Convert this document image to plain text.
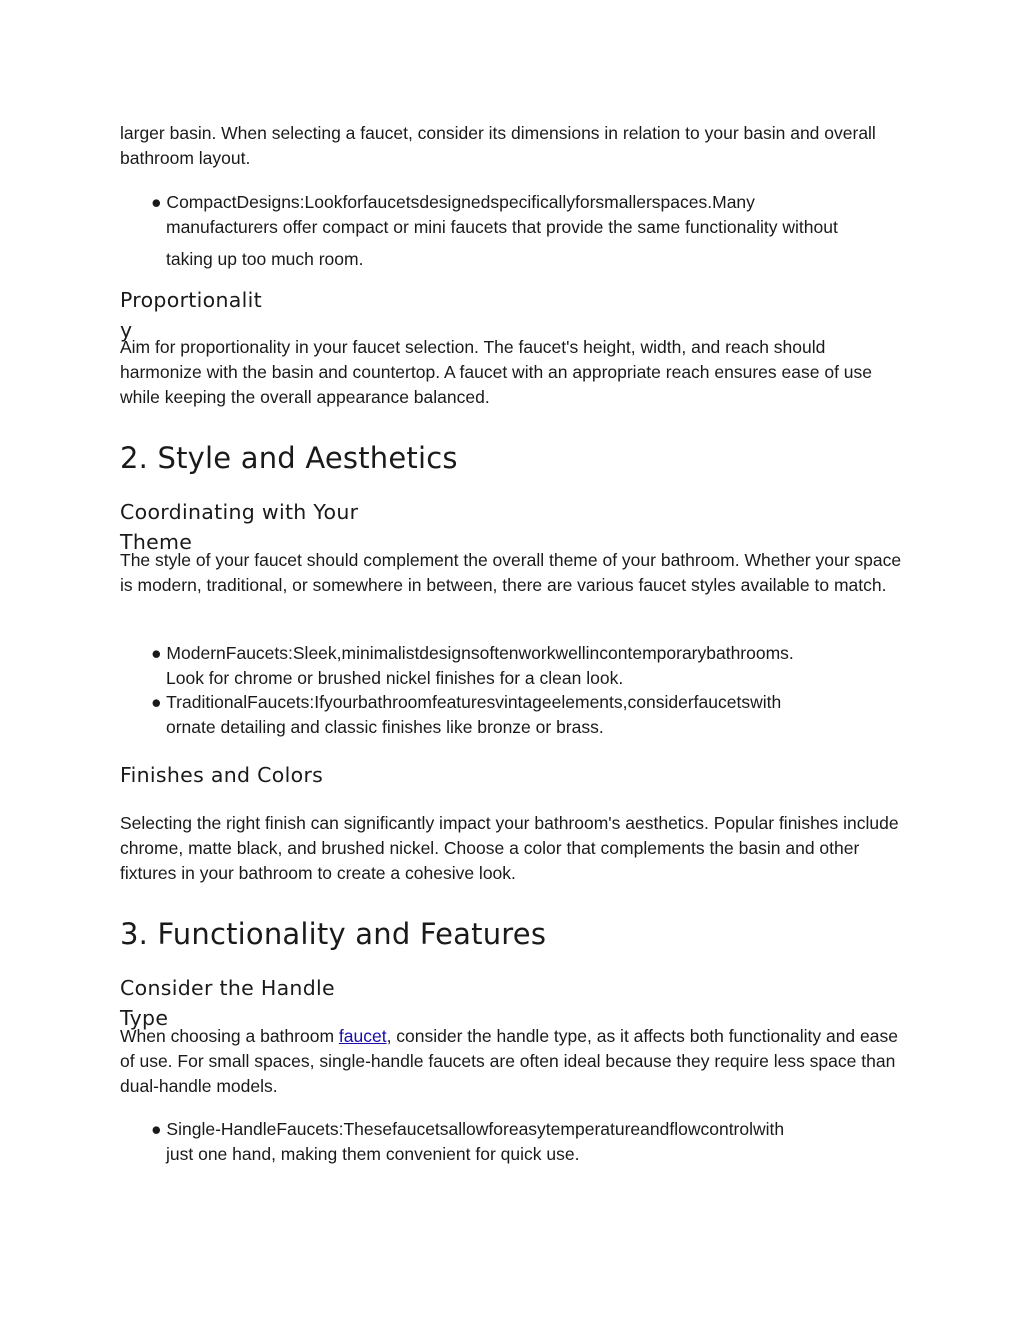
larger basin. When selecting a faucet, consider its dimensions in relation to your basin and overall bathroom layout.

● CompactDesigns:Lookforfaucetsdesignedspecificallyforsmallerspaces.Many
manufacturers offer compact or mini faucets that provide the same functionality without
taking up too much room.
Proportionality

Aim for proportionality in your faucet selection. The faucet's height, width, and reach should harmonize with the basin and countertop. A faucet with an appropriate reach ensures ease of use while keeping the overall appearance balanced.

2. Style and Aesthetics
Coordinating with Your Theme

The style of your faucet should complement the overall theme of your bathroom. Whether your space is modern, traditional, or somewhere in between, there are various faucet styles available to match.

● ModernFaucets:Sleek,minimalistdesignsoftenworkwellincontemporarybathrooms.
Look for chrome or brushed nickel finishes for a clean look.
● TraditionalFaucets:Ifyourbathroomfeaturesvintageelements,considerfaucetswith
ornate detailing and classic finishes like bronze or brass.
Finishes and Colors

Selecting the right finish can significantly impact your bathroom's aesthetics. Popular finishes include chrome, matte black, and brushed nickel. Choose a color that complements the basin and other fixtures in your bathroom to create a cohesive look.

3. Functionality and Features
Consider the Handle Type

When choosing a bathroom faucet, consider the handle type, as it affects both functionality and ease of use. For small spaces, single-handle faucets are often ideal because they require less space than dual-handle models.

● Single-HandleFaucets:Thesefaucetsallowforeasytemperatureandflowcontrolwith
just one hand, making them convenient for quick use.
